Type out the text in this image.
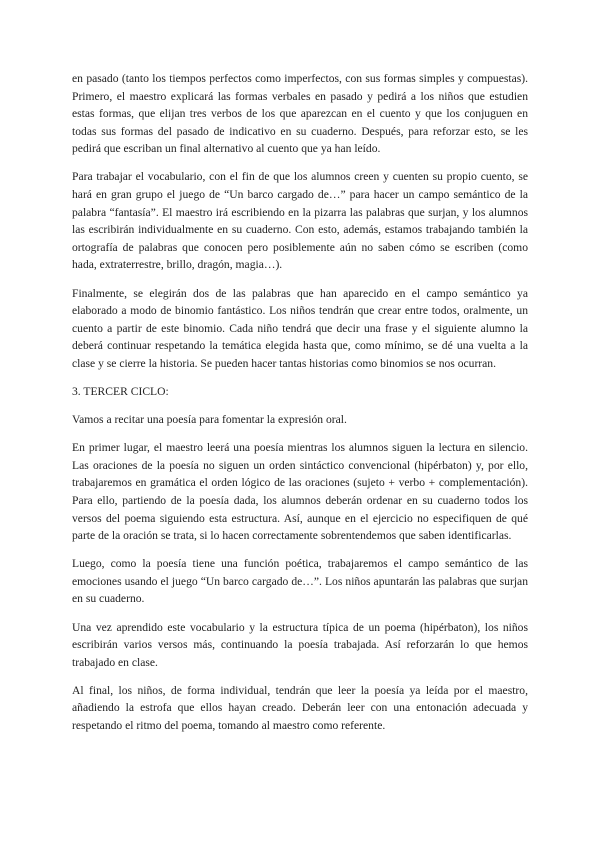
en pasado (tanto los tiempos perfectos como imperfectos, con sus formas simples y compuestas). Primero, el maestro explicará las formas verbales en pasado y pedirá a los niños que estudien estas formas, que elijan tres verbos de los que aparezcan en el cuento y que los conjuguen en todas sus formas del pasado de indicativo en su cuaderno. Después, para reforzar esto, se les pedirá que escriban un final alternativo al cuento que ya han leído.

Para trabajar el vocabulario, con el fin de que los alumnos creen y cuenten su propio cuento, se hará en gran grupo el juego de “Un barco cargado de…” para hacer un campo semántico de la palabra “fantasía”. El maestro irá escribiendo en la pizarra las palabras que surjan, y los alumnos las escribirán individualmente en su cuaderno. Con esto, además, estamos trabajando también la ortografía de palabras que conocen pero posiblemente aún no saben cómo se escriben (como hada, extraterrestre, brillo, dragón, magia…).

Finalmente, se elegirán dos de las palabras que han aparecido en el campo semántico ya elaborado a modo de binomio fantástico. Los niños tendrán que crear entre todos, oralmente, un cuento a partir de este binomio. Cada niño tendrá que decir una frase y el siguiente alumno la deberá continuar respetando la temática elegida hasta que, como mínimo, se dé una vuelta a la clase y se cierre la historia. Se pueden hacer tantas historias como binomios se nos ocurran.

3. TERCER CICLO:

Vamos a recitar una poesía para fomentar la expresión oral.

En primer lugar, el maestro leerá una poesía mientras los alumnos siguen la lectura en silencio. Las oraciones de la poesía no siguen un orden sintáctico convencional (hipérbaton) y, por ello, trabajaremos en gramática el orden lógico de las oraciones (sujeto + verbo + complementación). Para ello, partiendo de la poesía dada, los alumnos deberán ordenar en su cuaderno todos los versos del poema siguiendo esta estructura. Así, aunque en el ejercicio no especifiquen de qué parte de la oración se trata, si lo hacen correctamente sobrentendemos que saben identificarlas.

Luego, como la poesía tiene una función poética, trabajaremos el campo semántico de las emociones usando el juego “Un barco cargado de…”. Los niños apuntarán las palabras que surjan en su cuaderno.

Una vez aprendido este vocabulario y la estructura típica de un poema (hipérbaton), los niños escribirán varios versos más, continuando la poesía trabajada. Así reforzarán lo que hemos trabajado en clase.

Al final, los niños, de forma individual, tendrán que leer la poesía ya leída por el maestro, añadiendo la estrofa que ellos hayan creado. Deberán leer con una entonación adecuada y respetando el ritmo del poema, tomando al maestro como referente.
